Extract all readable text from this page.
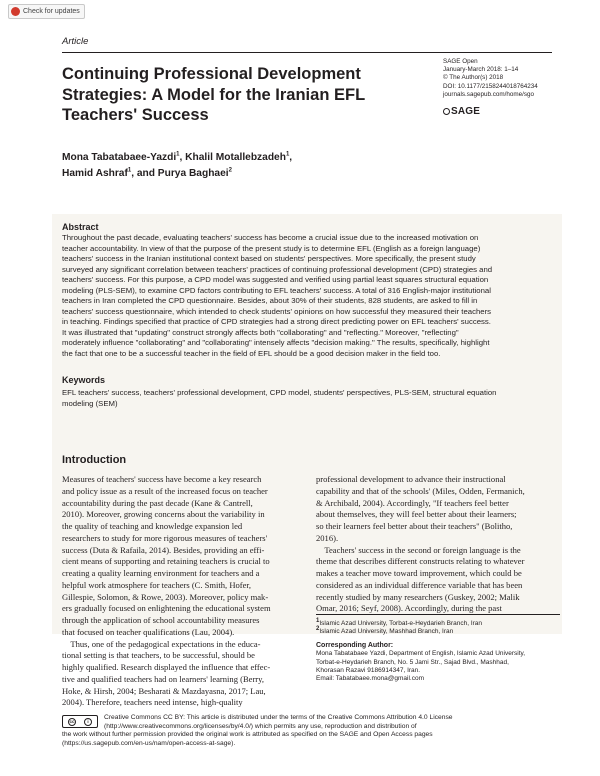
Check for updates
Article
Continuing Professional Development
Strategies: A Model for the Iranian EFL
Teachers' Success
SAGE Open
January-March 2018: 1–14
© The Author(s) 2018
DOI: 10.1177/2158244018764234
journals.sagepub.com/home/sgo
SAGE
Mona Tabatabaee-Yazdi$^1$, Khalil Motallebzadeh$^1$,
Hamid Ashraf$^1$, and Purya Baghaei$^2$
Abstract
Throughout the past decade, evaluating teachers' success has become a crucial issue due to the increased motivation on
teacher accountability. In view of that the purpose of the present study is to determine EFL (English as a foreign language)
teachers' success in the Iranian institutional context based on students' perspectives. More specifically, the present study
surveyed any significant correlation between teachers' practices of continuing professional development (CPD) strategies and
teachers' success. For this purpose, a CPD model was suggested and verified using partial least squares structural equation
modeling (PLS-SEM), to examine CPD factors contributing to EFL teachers' success. A total of 316 English-major institutional
teachers in Iran completed the CPD questionnaire. Besides, about 30% of their students, 828 students, are asked to fill in
teachers' success questionnaire, which intended to check students' opinions on how successful they measured their teachers
in teaching. Findings specified that practice of CPD strategies had a strong direct predicting power on EFL teachers' success.
It was illustrated that "updating" construct strongly affects both "collaborating" and "reflecting." Moreover, "reflecting"
moderately influence "collaborating" and "collaborating" intensely affects "decision making." The results, specifically, highlight
the fact that one to be a successful teacher in the field of EFL should be a good decision maker in the field too.
Keywords
EFL teachers' success, teachers' professional development, CPD model, students' perspectives, PLS-SEM, structural equation
modeling (SEM)
Introduction
Measures of teachers' success have become a key research
and policy issue as a result of the increased focus on teacher
accountability during the past decade (Kane & Cantrell,
2010). Moreover, growing concerns about the variability in
the quality of teaching and knowledge expansion led
researchers to study for more rigorous measures of teachers'
success (Duta & Rafaila, 2014). Besides, providing an effi-
cient means of supporting and retaining teachers is crucial to
creating a quality learning environment for teachers and a
helpful work atmosphere for teachers (C. Smith, Hofer,
Gillespie, Solomon, & Rowe, 2003). Moreover, policy mak-
ers gradually focused on enlightening the educational system
through the application of school accountability measures
that focused on teacher qualifications (Lau, 2004).
Thus, one of the pedagogical expectations in the educa-
tional setting is that teachers, to be successful, should be
highly qualified. Research displayed the influence that effec-
tive and qualified teachers had on learners' learning (Berry,
Hoke, & Hirsh, 2004; Besharati & Mazdayasna, 2017; Lau,
2004). Therefore, teachers need intense, high-quality
professional development to advance their instructional
capability and that of the schools' (Miles, Odden, Fermanich,
& Archibald, 2004). Accordingly, "If teachers feel better
about themselves, they will feel better about their learners;
so their learners feel better about their teachers" (Bolitho,
2016).
Teachers' success in the second or foreign language is the
theme that describes different constructs relating to whatever
makes a teacher move toward improvement, which could be
considered as an individual difference variable that has been
recently studied by many researchers (Guskey, 2002; Malik
Omar, 2016; Seyf, 2008). Accordingly, during the past
$^1$Islamic Azad University, Torbat-e-Heydarieh Branch, Iran
$^2$Islamic Azad University, Mashhad Branch, Iran
Corresponding Author:
Mona Tabatabaee Yazdi, Department of English, Islamic Azad University,
Torbat-e-Heydarieh Branch, No. 5 Jami Str., Sajad Blvd., Mashhad,
Khorasan Razavi 9186914347, Iran.
Email: Tabatabaee.mona@gmail.com
cc	i	Creative Commons CC BY: This article is distributed under the terms of the Creative Commons Attribution 4.0 License
(http://www.creativecommons.org/licenses/by/4.0/) which permits any use, reproduction and distribution of
the work without further permission provided the original work is attributed as specified on the SAGE and Open Access pages
(https://us.sagepub.com/en-us/nam/open-access-at-sage).
